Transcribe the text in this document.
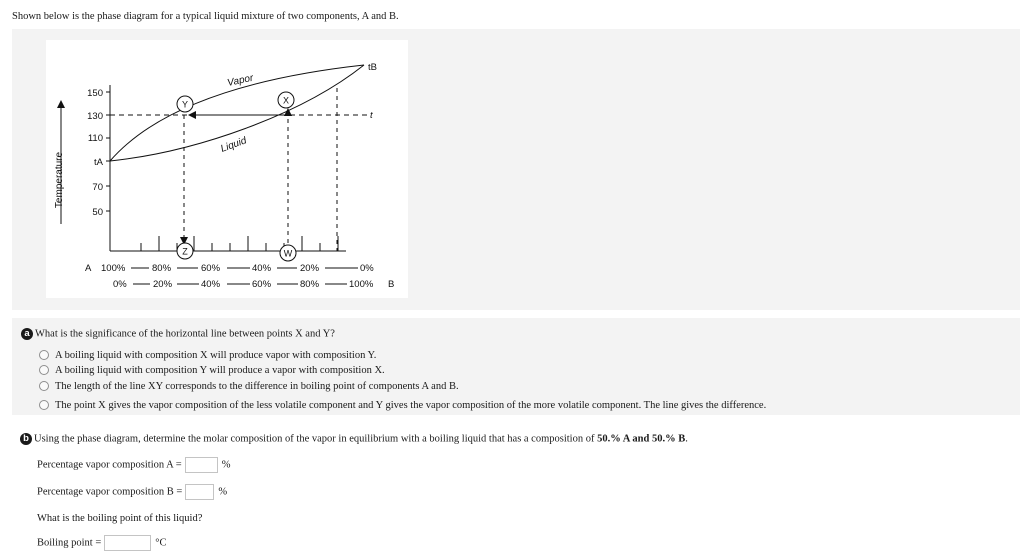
Shown below is the phase diagram for a typical liquid mixture of two components, A and B.
Temperature
150
130
110
70
50
tA
tB
t
Vapor
Liquid
Y	X
Z	W
A 100%	80%	60%	40%	20%	0%
0%	20%	40%	60%	80%	100% B
a What is the significance of the horizontal line between points X and Y?
A boiling liquid with composition X will produce vapor with composition Y.
A boiling liquid with composition Y will produce a vapor with composition X.
The length of the line XY corresponds to the difference in boiling point of components A and B.
The point X gives the vapor composition of the less volatile component and Y gives the vapor composition of the more volatile component. The line gives the difference.
b Using the phase diagram, determine the molar composition of the vapor in equilibrium with a boiling liquid that has a composition of 50.% A and 50.% B.
Percentage vapor composition A =	%
Percentage vapor composition B =	%
What is the boiling point of this liquid?
Boiling point =	°C
